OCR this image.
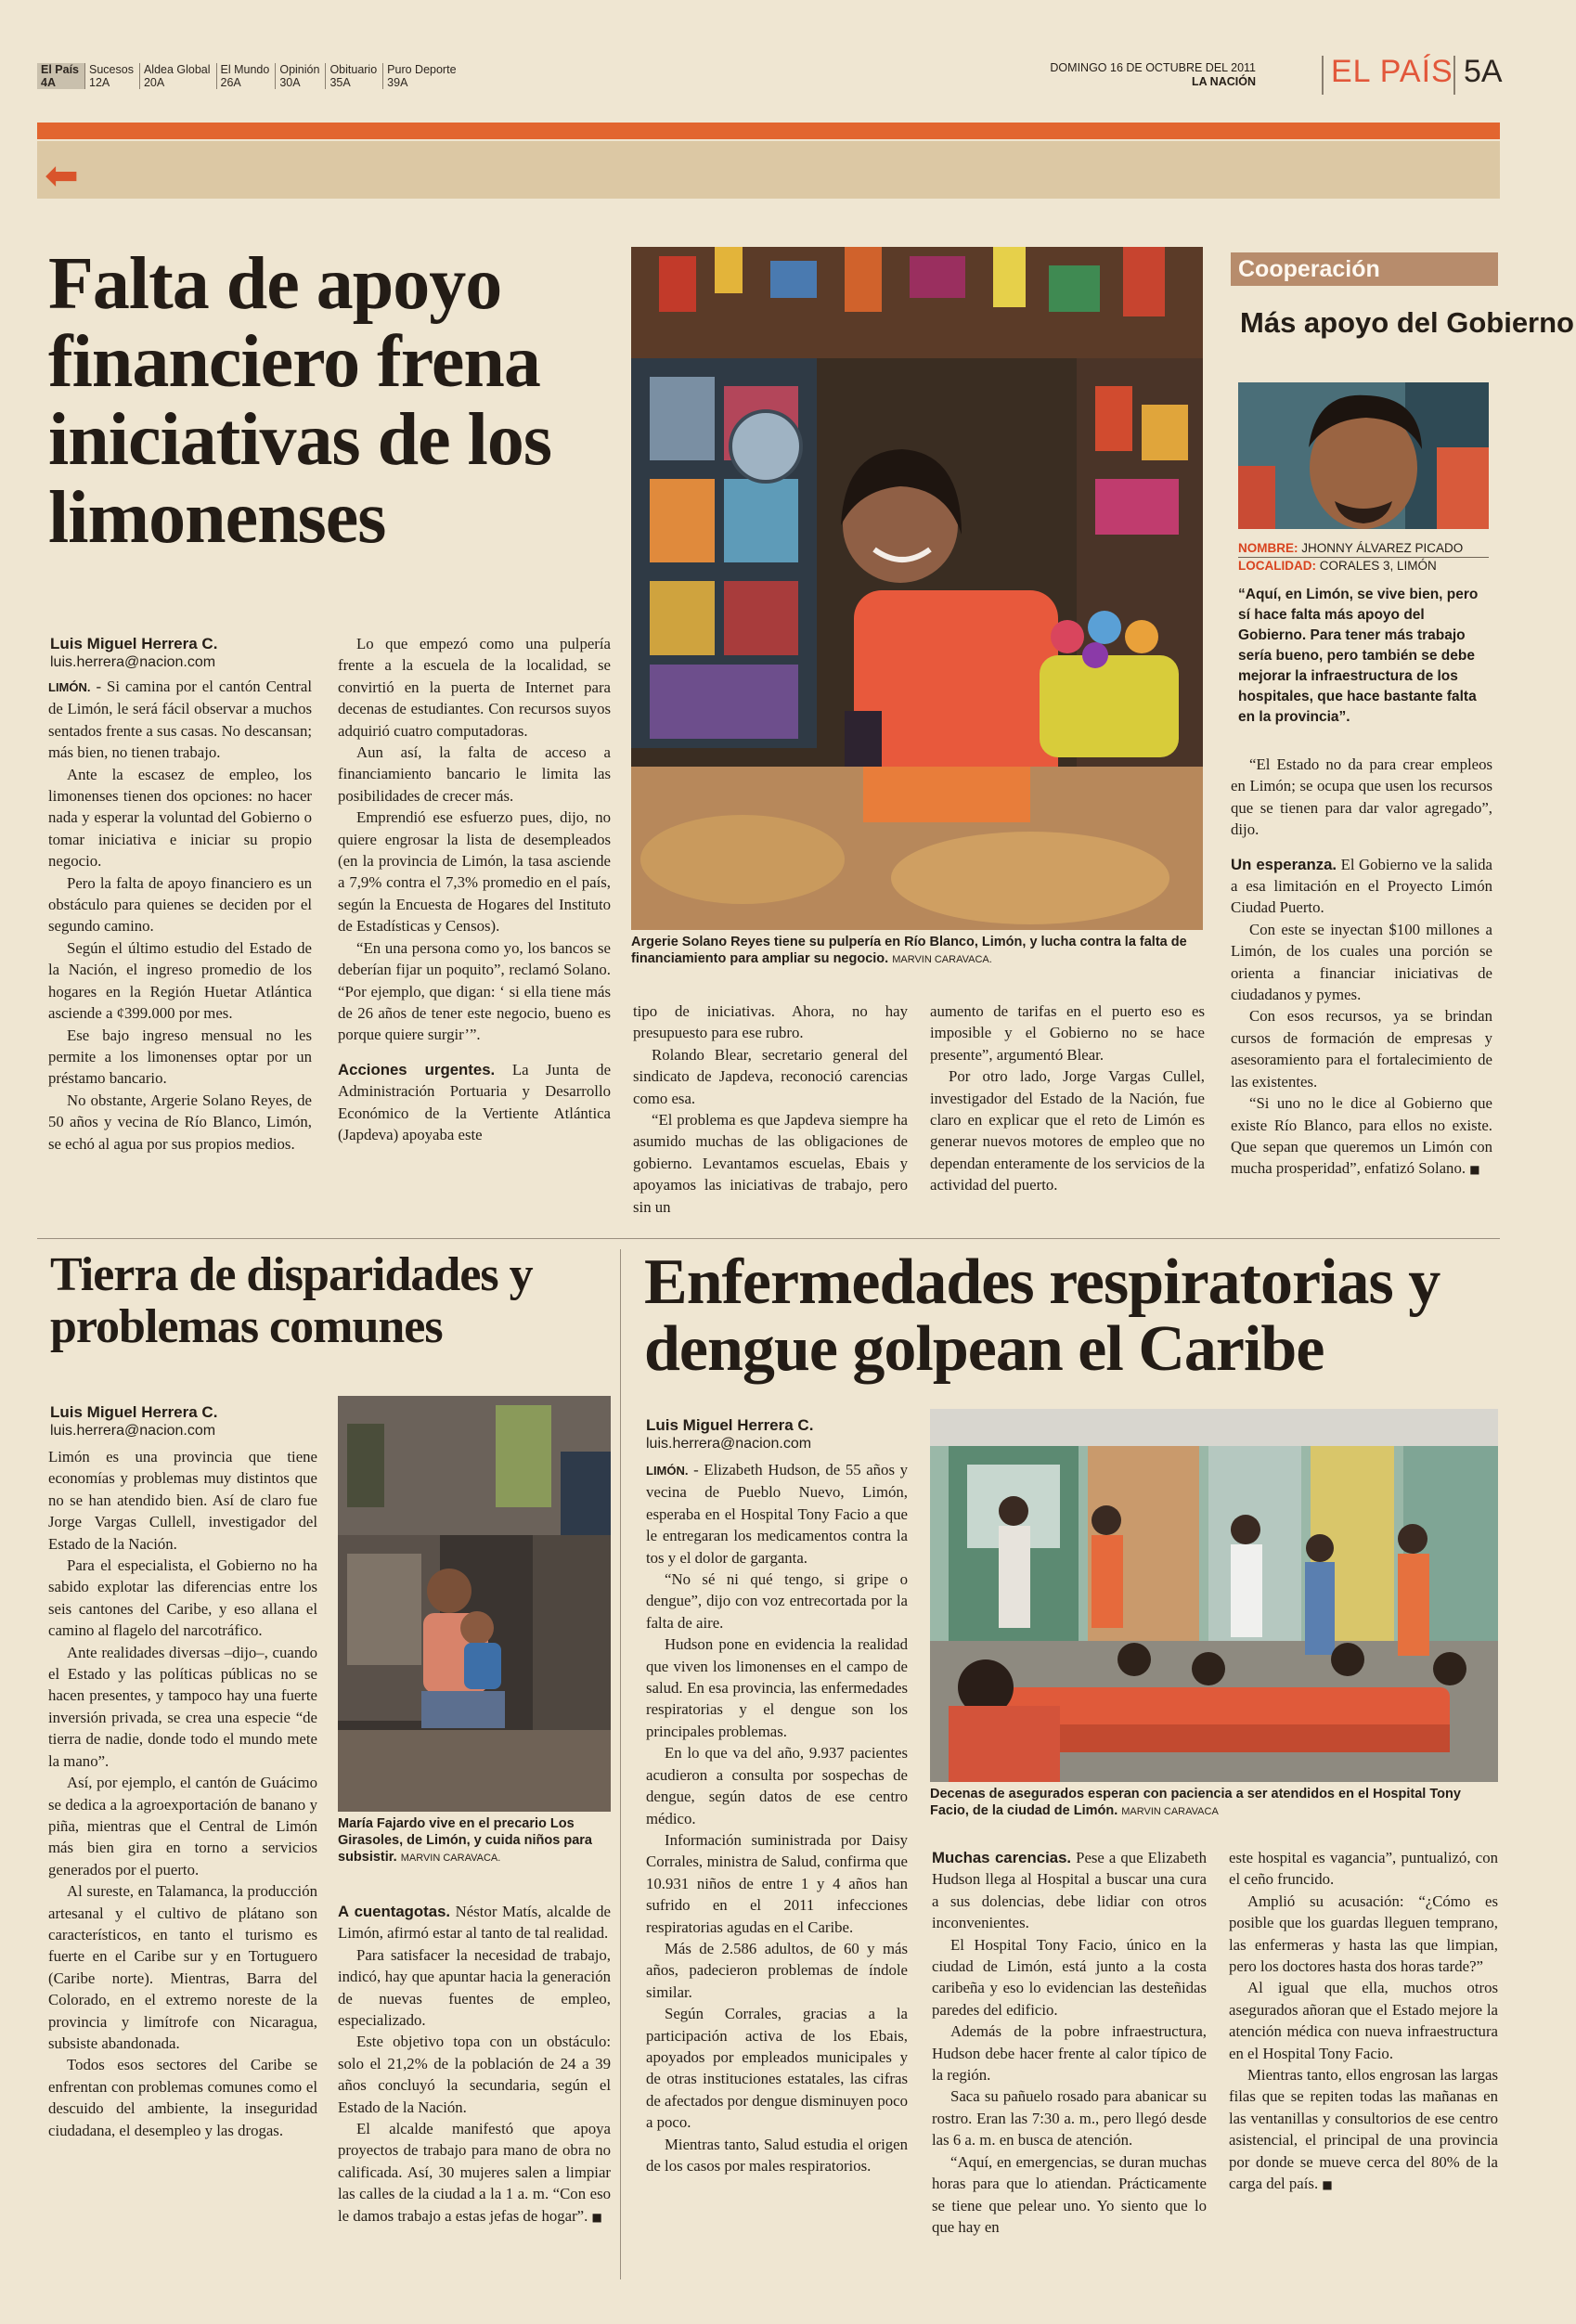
El País
4A
Sucesos
12A
Aldea Global
20A
El Mundo
26A
Opinión
30A
Obituario
35A
Puro Deporte
39A
DOMINGO 16 DE OCTUBRE DEL 2011
LA NACIÓN EL PAÍS 5A
⬅
Falta de apoyo financiero frena iniciativas de los limonenses
Luis Miguel Herrera C.
luis.herrera@nacion.com

LIMÓN. - Si camina por el cantón Central de Limón, le será fácil observar a muchos sentados frente a sus casas. No descansan; más bien, no tienen trabajo.

Ante la escasez de empleo, los limonenses tienen dos opciones: no hacer nada y esperar la voluntad del Gobierno o tomar iniciativa e iniciar su propio negocio.

Pero la falta de apoyo financiero es un obstáculo para quienes se deciden por el segundo camino.

Según el último estudio del Estado de la Nación, el ingreso promedio de los hogares en la Región Huetar Atlántica asciende a ¢399.000 por mes.

Ese bajo ingreso mensual no les permite a los limonenses optar por un préstamo bancario.

No obstante, Argerie Solano Reyes, de 50 años y vecina de Río Blanco, Limón, se echó al agua por sus propios medios.

Lo que empezó como una pulpería frente a la escuela de la localidad, se convirtió en la puerta de Internet para decenas de estudiantes. Con recursos suyos adquirió cuatro computadoras.

Aun así, la falta de acceso a financiamiento bancario le limita las posibilidades de crecer más.

Emprendió ese esfuerzo pues, dijo, no quiere engrosar la lista de desempleados (en la provincia de Limón, la tasa asciende a 7,9% contra el 7,3% promedio en el país, según la Encuesta de Hogares del Instituto de Estadísticas y Censos).

“En una persona como yo, los bancos se deberían fijar un poquito”, reclamó Solano. “Por ejemplo, que digan: ‘ si ella tiene más de 26 años de tener este negocio, bueno es porque quiere surgir’”.

Acciones urgentes. La Junta de Administración Portuaria y Desarrollo Económico de la Vertiente Atlántica (Japdeva) apoyaba este

Argerie Solano Reyes tiene su pulpería en Río Blanco, Limón, y lucha contra la falta de financiamiento para ampliar su negocio. MARVIN CARAVACA.

tipo de iniciativas. Ahora, no hay presupuesto para ese rubro.

Rolando Blear, secretario general del sindicato de Japdeva, reconoció carencias como esa.

“El problema es que Japdeva siempre ha asumido muchas de las obligaciones de gobierno. Levantamos escuelas, Ebais y apoyamos las iniciativas de trabajo, pero sin un

aumento de tarifas en el puerto eso es imposible y el Gobierno no se hace presente”, argumentó Blear.

Por otro lado, Jorge Vargas Cullel, investigador del Estado de la Nación, fue claro en explicar que el reto de Limón es generar nuevos motores de empleo que no dependan enteramente de los servicios de la actividad del puerto.

Cooperación
Más apoyo del Gobierno
NOMBRE: JHONNY ÁLVAREZ PICADO
LOCALIDAD: CORALES 3, LIMÓN
“Aquí, en Limón, se vive bien, pero sí hace falta más apoyo del Gobierno. Para tener más trabajo sería bueno, pero también se debe mejorar la infraestructura de los hospitales, que hace bastante falta en la provincia”.

“El Estado no da para crear empleos en Limón; se ocupa que usen los recursos que se tienen para dar valor agregado”, dijo.

Un esperanza. El Gobierno ve la salida a esa limitación en el Proyecto Limón Ciudad Puerto.

Con este se inyectan $100 millones a Limón, de los cuales una porción se orienta a financiar iniciativas de ciudadanos y pymes.

Con esos recursos, ya se brindan cursos de formación de empresas y asesoramiento para el fortalecimiento de las existentes.

“Si uno no le dice al Gobierno que existe Río Blanco, para ellos no existe. Que sepan que queremos un Limón con mucha prosperidad”, enfatizó Solano. ■

Tierra de disparidades y problemas comunes
Luis Miguel Herrera C.
luis.herrera@nacion.com

Limón es una provincia que tiene economías y problemas muy distintos que no se han atendido bien. Así de claro fue Jorge Vargas Cullell, investigador del Estado de la Nación.

Para el especialista, el Gobierno no ha sabido explotar las diferencias entre los seis cantones del Caribe, y eso allana el camino al flagelo del narcotráfico.

Ante realidades diversas –dijo–, cuando el Estado y las políticas públicas no se hacen presentes, y tampoco hay una fuerte inversión privada, se crea una especie “de tierra de nadie, donde todo el mundo mete la mano”.

Así, por ejemplo, el cantón de Guácimo se dedica a la agroexportación de banano y piña, mientras que el Central de Limón más bien gira en torno a servicios generados por el puerto.

Al sureste, en Talamanca, la producción artesanal y el cultivo de plátano son característicos, en tanto el turismo es fuerte en el Caribe sur y en Tortuguero (Caribe norte). Mientras, Barra del Colorado, en el extremo noreste de la provincia y limítrofe con Nicaragua, subsiste abandonada.

Todos esos sectores del Caribe se enfrentan con problemas comunes como el descuido del ambiente, la inseguridad ciudadana, el desempleo y las drogas.

María Fajardo vive en el precario Los Girasoles, de Limón, y cuida niños para subsistir. MARVIN CARAVACA.

A cuentagotas. Néstor Matís, alcalde de Limón, afirmó estar al tanto de tal realidad.

Para satisfacer la necesidad de trabajo, indicó, hay que apuntar hacia la generación de nuevas fuentes de empleo, especializado.

Este objetivo topa con un obstáculo: solo el 21,2% de la población de 24 a 39 años concluyó la secundaria, según el Estado de la Nación.

El alcalde manifestó que apoya proyectos de trabajo para mano de obra no calificada. Así, 30 mujeres salen a limpiar las calles de la ciudad a la 1 a. m. “Con eso le damos trabajo a estas jefas de hogar”. ■

Enfermedades respiratorias y dengue golpean el Caribe
Luis Miguel Herrera C.
luis.herrera@nacion.com

LIMÓN. - Elizabeth Hudson, de 55 años y vecina de Pueblo Nuevo, Limón, esperaba en el Hospital Tony Facio a que le entregaran los medicamentos contra la tos y el dolor de garganta.

“No sé ni qué tengo, si gripe o dengue”, dijo con voz entrecortada por la falta de aire.

Hudson pone en evidencia la realidad que viven los limonenses en el campo de salud. En esa provincia, las enfermedades respiratorias y el dengue son los principales problemas.

En lo que va del año, 9.937 pacientes acudieron a consulta por sospechas de dengue, según datos de ese centro médico.

Información suministrada por Daisy Corrales, ministra de Salud, confirma que 10.931 niños de entre 1 y 4 años han sufrido en el 2011 infecciones respiratorias agudas en el Caribe.

Más de 2.586 adultos, de 60 y más años, padecieron problemas de índole similar.

Según Corrales, gracias a la participación activa de los Ebais, apoyados por empleados municipales y de otras instituciones estatales, las cifras de afectados por dengue disminuyen poco a poco.

Mientras tanto, Salud estudia el origen de los casos por males respiratorios.

Decenas de asegurados esperan con paciencia a ser atendidos en el Hospital Tony Facio, de la ciudad de Limón. MARVIN CARAVACA

Muchas carencias. Pese a que Elizabeth Hudson llega al Hospital a buscar una cura a sus dolencias, debe lidiar con otros inconvenientes.

El Hospital Tony Facio, único en la ciudad de Limón, está junto a la costa caribeña y eso lo evidencian las desteñidas paredes del edificio.

Además de la pobre infraestructura, Hudson debe hacer frente al calor típico de la región.

Saca su pañuelo rosado para abanicar su rostro. Eran las 7:30 a. m., pero llegó desde las 6 a. m. en busca de atención.

“Aquí, en emergencias, se duran muchas horas para que lo atiendan. Prácticamente se tiene que pelear uno. Yo siento que lo que hay en

este hospital es vagancia”, puntualizó, con el ceño fruncido.

Amplió su acusación: “¿Cómo es posible que los guardas lleguen temprano, las enfermeras y hasta las que limpian, pero los doctores hasta dos horas tarde?”

Al igual que ella, muchos otros asegurados añoran que el Estado mejore la atención médica con nueva infraestructura en el Hospital Tony Facio.

Mientras tanto, ellos engrosan las largas filas que se repiten todas las mañanas en las ventanillas y consultorios de ese centro asistencial, el principal de una provincia por donde se mueve cerca del 80% de la carga del país. ■
